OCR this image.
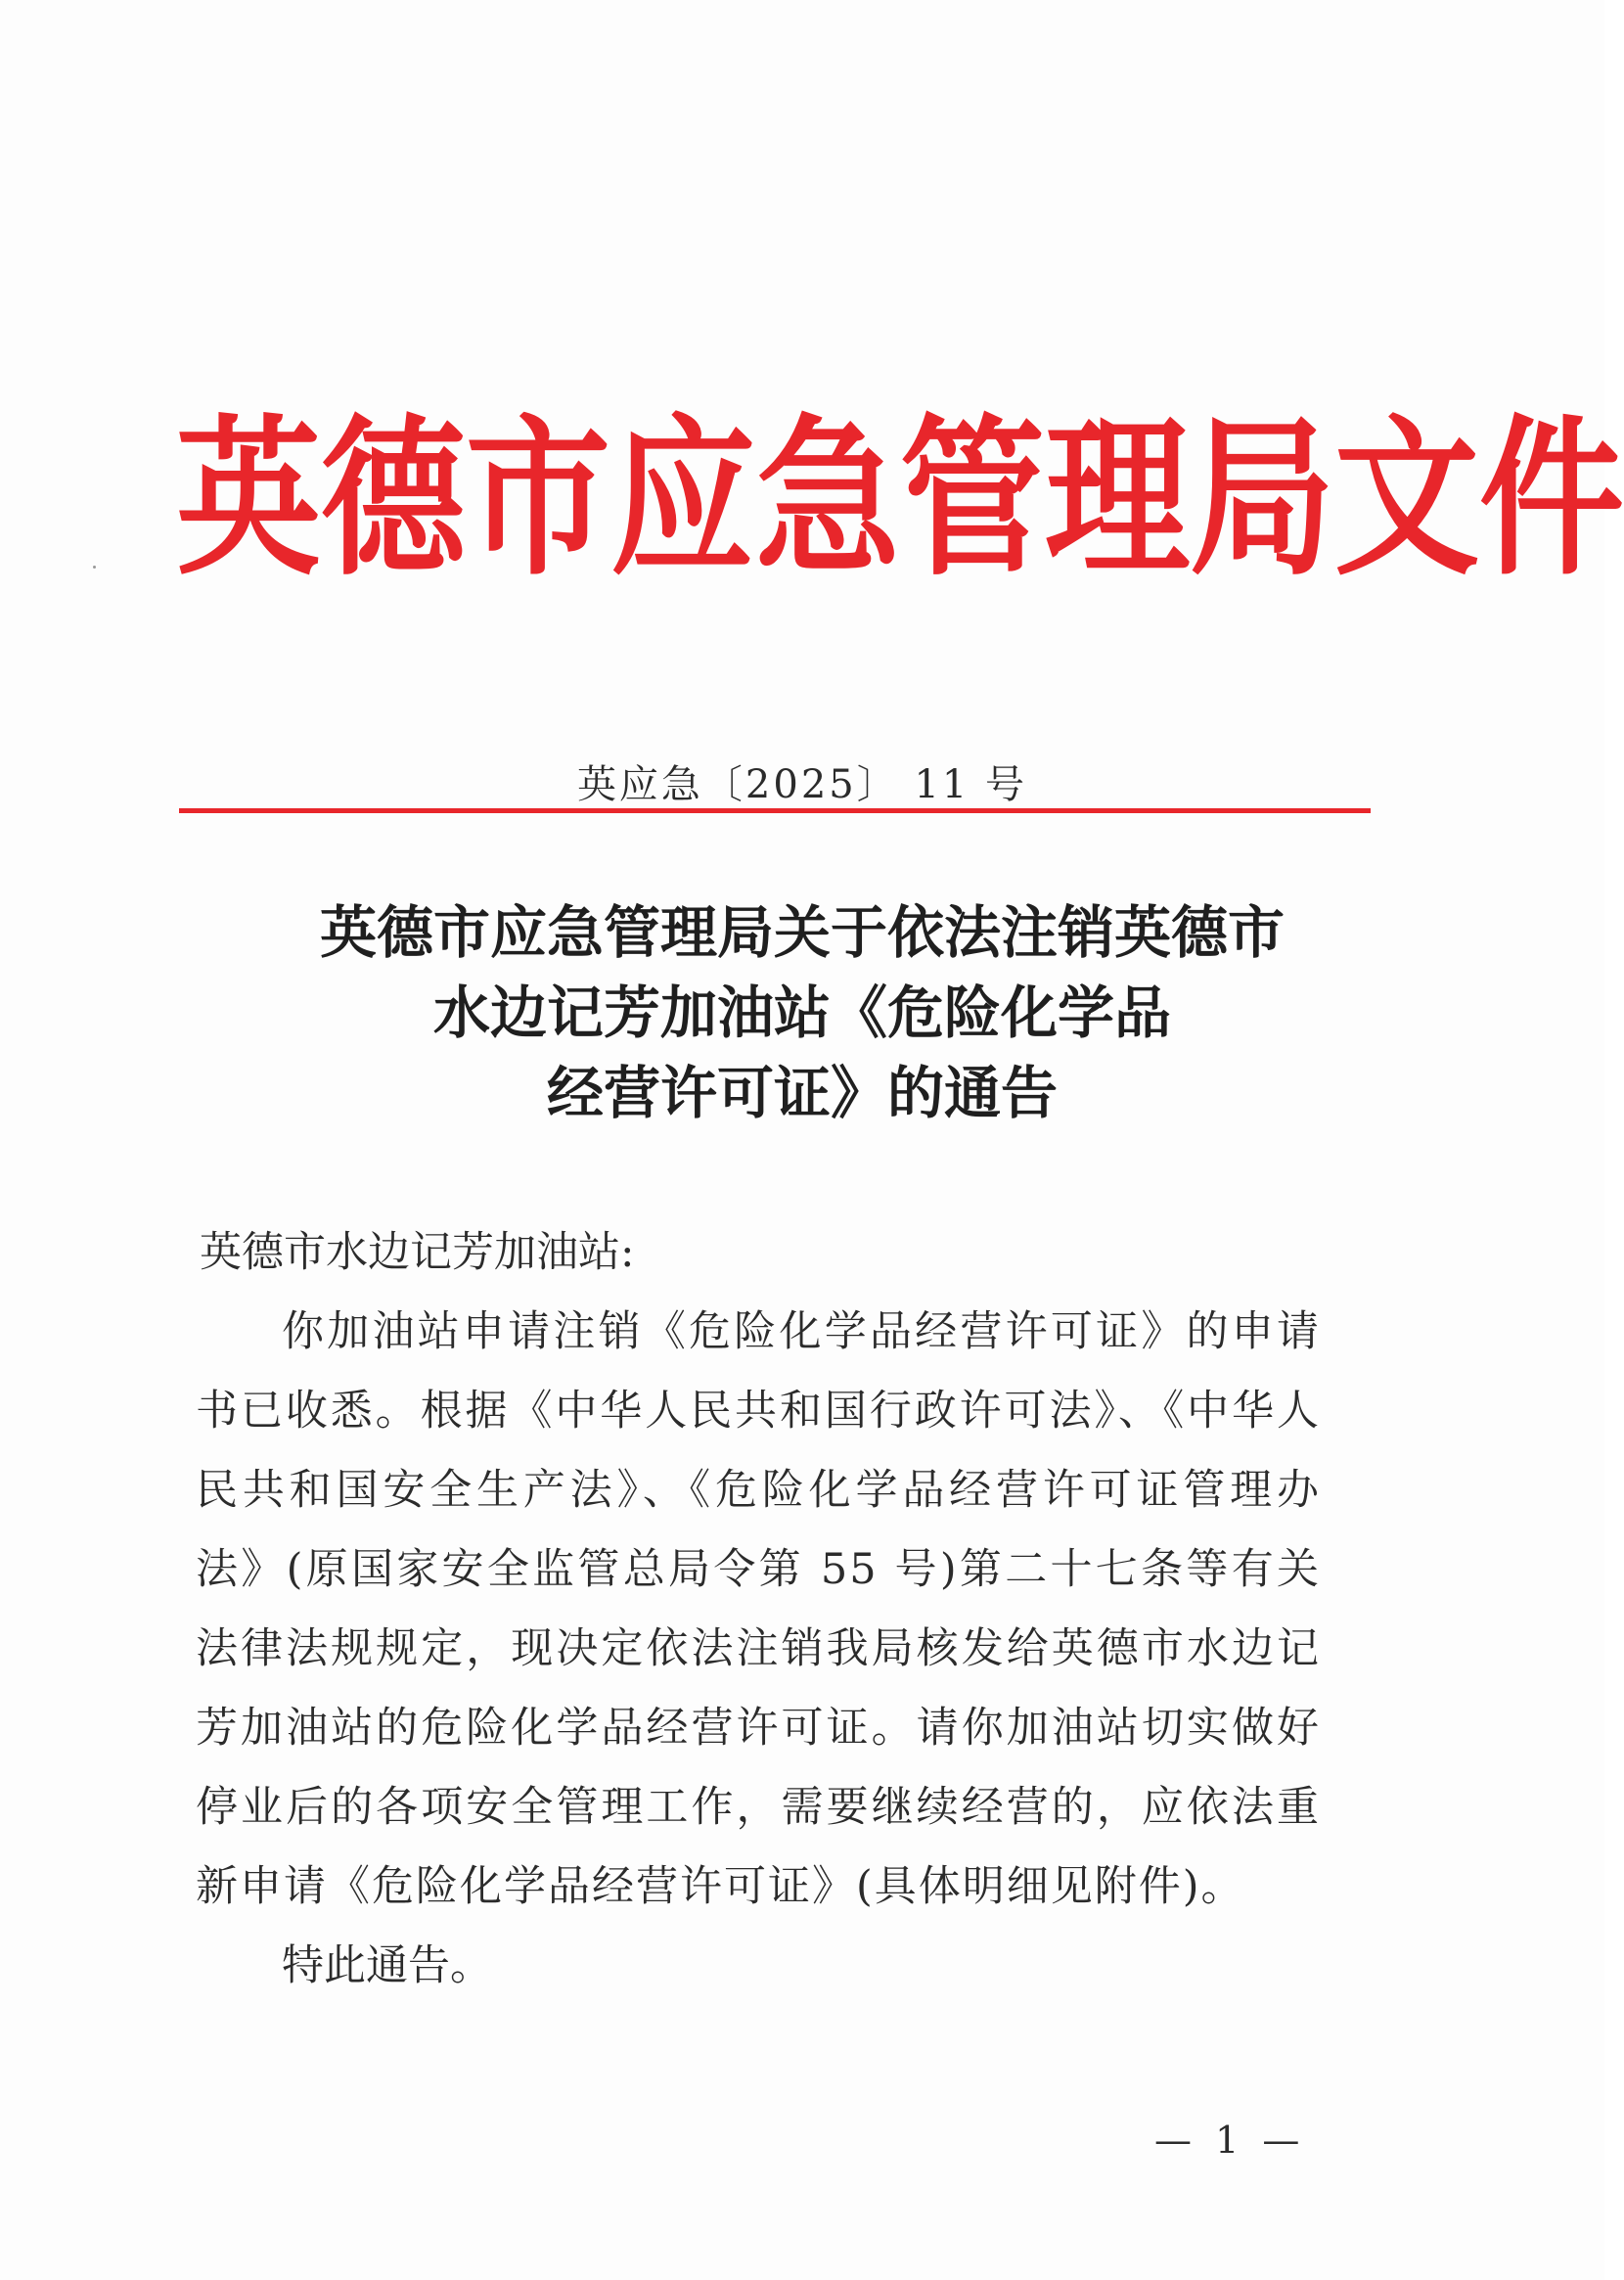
英 德 市 应 急 管 理 局 文 件
英应急〔2025〕 11 号
英德市应急管理局关于依法注销英德市
水边记芳加油站《危险化学品
经营许可证》的通告

英德市水边记芳加油站:

你加油站申请注销《危险化学品经营许可证》的申请书已收悉。根据《中华人民共和国行政许可法》、《中华人民共和国安全生产法》、《危险化学品经营许可证管理办法》(原国家安全监管总局令第 55 号)第二十七条等有关法律法规规定，现决定依法注销我局核发给英德市水边记芳加油站的危险化学品经营许可证。请你加油站切实做好停业后的各项安全管理工作，需要继续经营的，应依法重新申请《危险化学品经营许可证》(具体明细见附件)。

特此通告。

— 1 —
